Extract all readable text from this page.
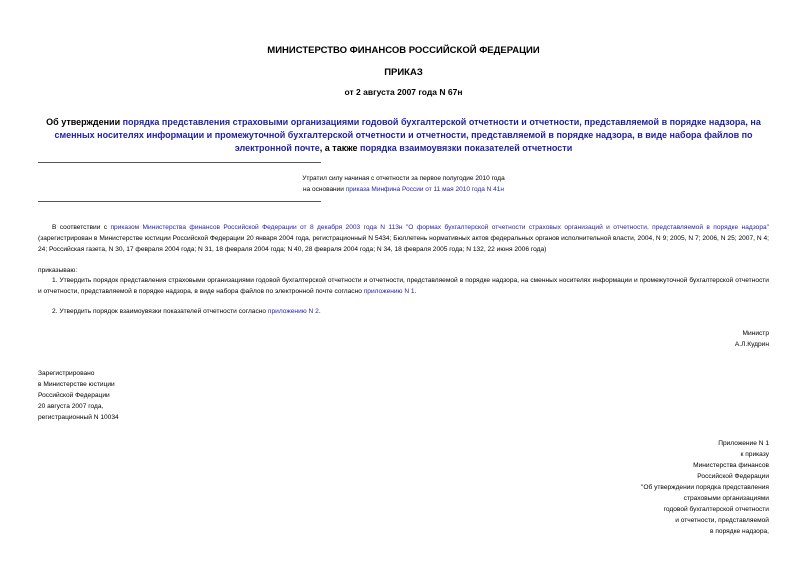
МИНИСТЕРСТВО ФИНАНСОВ РОССИЙСКОЙ ФЕДЕРАЦИИ
ПРИКАЗ
от 2 августа 2007 года N 67н
Об утверждении порядка представления страховыми организациями годовой бухгалтерской отчетности и отчетности, представляемой в порядке надзора, на сменных носителях информации и промежуточной бухгалтерской отчетности и отчетности, представляемой в порядке надзора, в виде набора файлов по электронной почте, а также порядка взаимоувязки показателей отчетности
Утратил силу начиная с отчетности за первое полугодие 2010 года
на основании приказа Минфина России от 11 мая 2010 года N 41н
В соответствии с приказом Министерства финансов Российской Федерации от 8 декабря 2003 года N 113н "О формах бухгалтерской отчетности страховых организаций и отчетности, представляемой в порядке надзора" (зарегистрирован в Министерстве юстиции Российской Федерации 20 января 2004 года, регистрационный N 5434; Бюллетень нормативных актов федеральных органов исполнительной власти, 2004, N 9; 2005, N 7; 2006, N 25; 2007, N 4; 24; Российская газета, N 30, 17 февраля 2004 года; N 31, 18 февраля 2004 года; N 40, 28 февраля 2004 года; N 34, 18 февраля 2005 года; N 132, 22 июня 2006 года)
приказываю:
1. Утвердить порядок представления страховыми организациями годовой бухгалтерской отчетности и отчетности, представляемой в порядке надзора, на сменных носителях информации и промежуточной бухгалтерской отчетности и отчетности, представляемой в порядке надзора, в виде набора файлов по электронной почте согласно приложению N 1.
2. Утвердить порядок взаимоувязки показателей отчетности согласно приложению N 2.
Министр
А.Л.Кудрин
Зарегистрировано
в Министерстве юстиции
Российской Федерации
20 августа 2007 года,
регистрационный N 10034
Приложение N 1
к приказу
Министерства финансов
Российской Федерации
"Об утверждении порядка представления
страховыми организациями
годовой бухгалтерской отчетности
и отчетности, представляемой
в порядке надзора,
